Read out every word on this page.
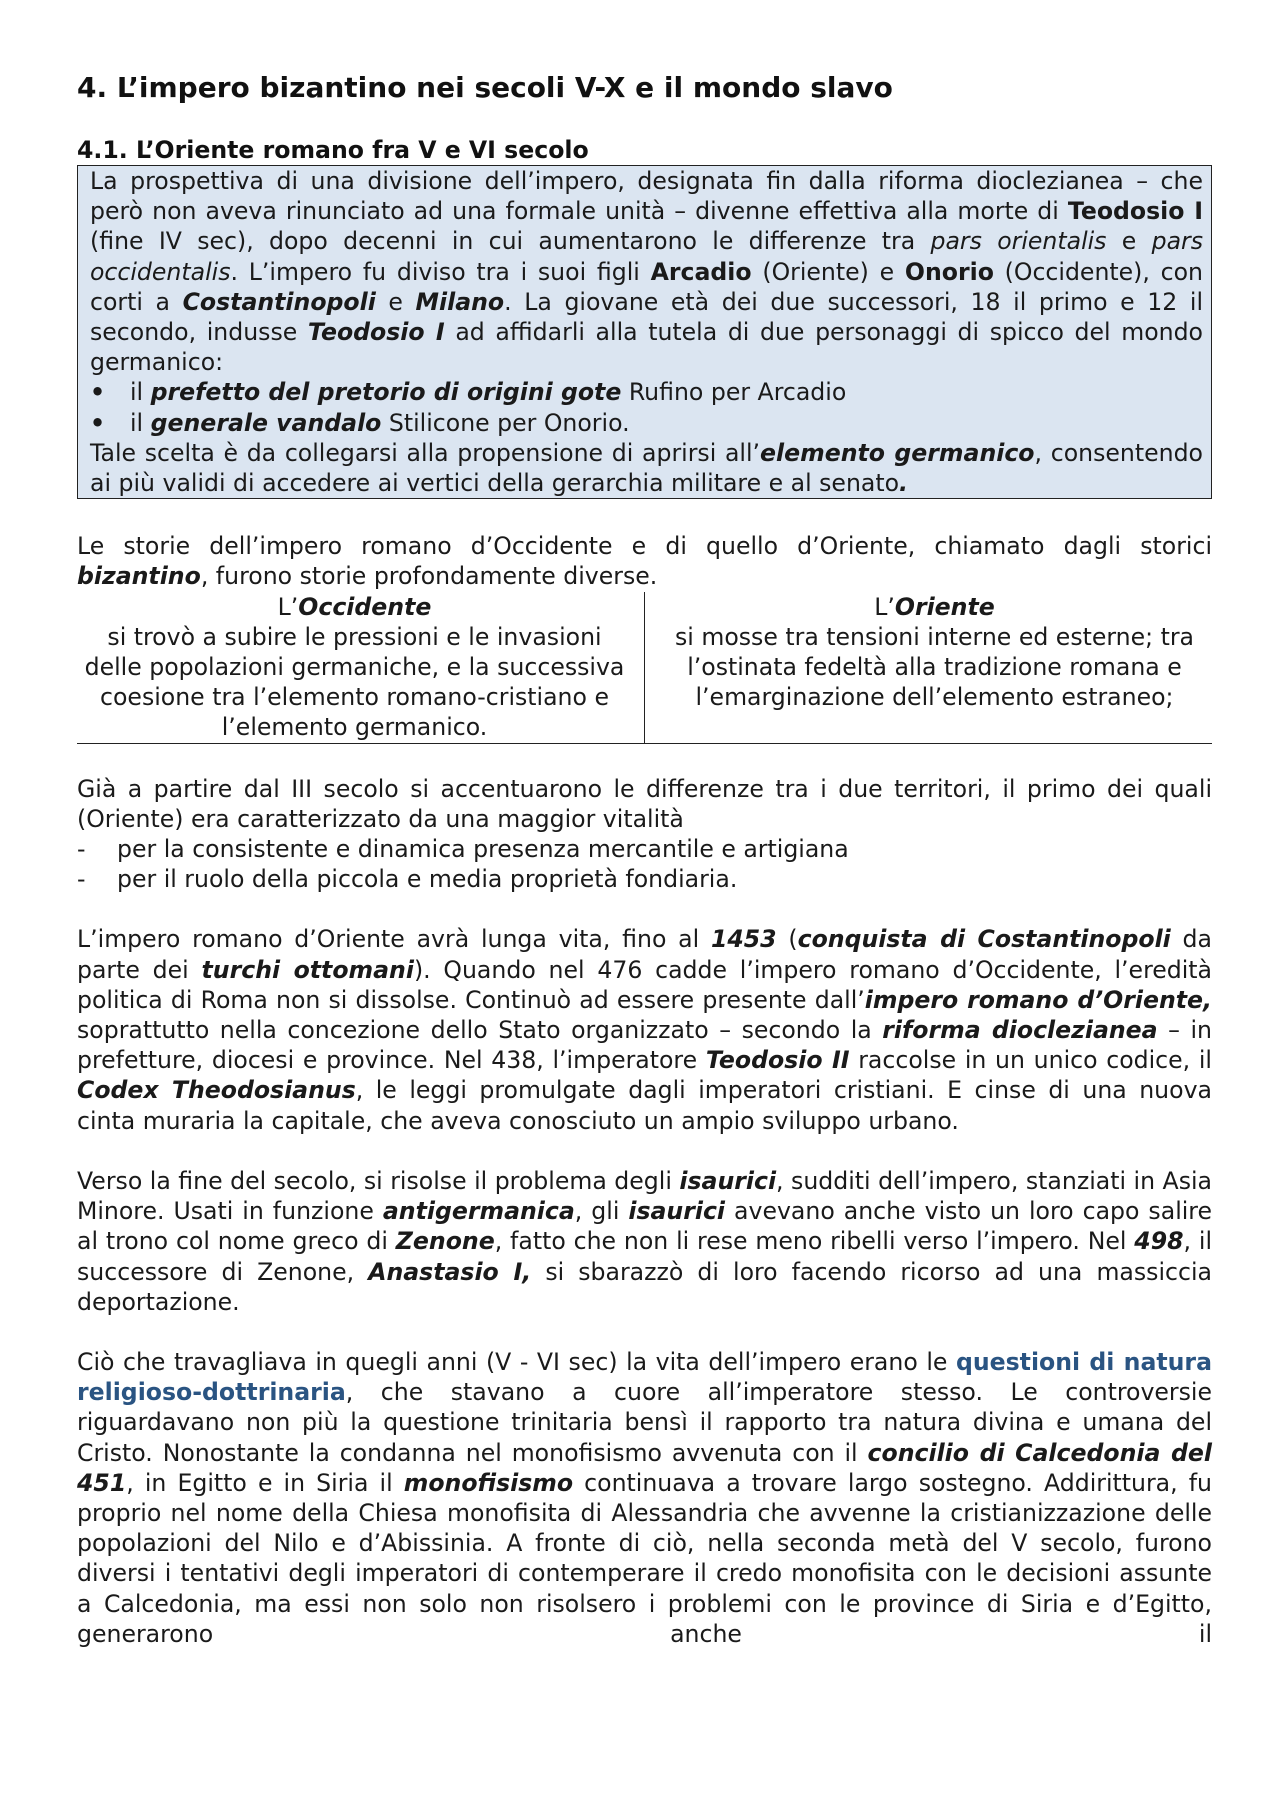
4. L’impero bizantino nei secoli V-X e il mondo slavo
4.1. L’Oriente romano fra V e VI secolo

La prospettiva di una divisione dell’impero, designata fin dalla riforma dioclezianea – che però non aveva rinunciato ad una formale unità – divenne effettiva alla morte di Teodosio I (fine IV sec), dopo decenni in cui aumentarono le differenze tra pars orientalis e pars occidentalis. L’impero fu diviso tra i suoi figli Arcadio (Oriente) e Onorio (Occidente), con corti a Costantinopoli e Milano. La giovane età dei due successori, 18 il primo e 12 il secondo, indusse Teodosio I ad affidarli alla tutela di due personaggi di spicco del mondo germanico:

•	il prefetto del pretorio di origini gote Rufino per Arcadio
•	il generale vandalo Stilicone per Onorio.

Tale scelta è da collegarsi alla propensione di aprirsi all’elemento germanico, consentendo ai più validi di accedere ai vertici della gerarchia militare e al senato.

Le storie dell’impero romano d’Occidente e di quello d’Oriente, chiamato dagli storici bizantino, furono storie profondamente diverse.

L’Occidente
si trovò a subire le pressioni e le invasioni delle popolazioni germaniche, e la successiva coesione tra l’elemento romano-cristiano e l’elemento germanico.
L’Oriente
si mosse tra tensioni interne ed esterne; tra l’ostinata fedeltà alla tradizione romana e l’emarginazione dell’elemento estraneo;

Già a partire dal III secolo si accentuarono le differenze tra i due territori, il primo dei quali (Oriente) era caratterizzato da una maggior vitalità

-	per la consistente e dinamica presenza mercantile e artigiana
-	per il ruolo della piccola e media proprietà fondiaria.

L’impero romano d’Oriente avrà lunga vita, fino al 1453 (conquista di Costantinopoli da parte dei turchi ottomani). Quando nel 476 cadde l’impero romano d’Occidente, l’eredità politica di Roma non si dissolse. Continuò ad essere presente dall’impero romano d’Oriente, soprattutto nella concezione dello Stato organizzato – secondo la riforma dioclezianea – in prefetture, diocesi e province. Nel 438, l’imperatore Teodosio II raccolse in un unico codice, il Codex Theodosianus, le leggi promulgate dagli imperatori cristiani. E cinse di una nuova cinta muraria la capitale, che aveva conosciuto un ampio sviluppo urbano.

Verso la fine del secolo, si risolse il problema degli isaurici, sudditi dell’impero, stanziati in Asia Minore. Usati in funzione antigermanica, gli isaurici avevano anche visto un loro capo salire al trono col nome greco di Zenone, fatto che non li rese meno ribelli verso l’impero. Nel 498, il successore di Zenone, Anastasio I, si sbarazzò di loro facendo ricorso ad una massiccia deportazione.

Ciò che travagliava in quegli anni (V - VI sec) la vita dell’impero erano le questioni di natura religioso-dottrinaria, che stavano a cuore all’imperatore stesso. Le controversie riguardavano non più la questione trinitaria bensì il rapporto tra natura divina e umana del Cristo. Nonostante la condanna nel monofisismo avvenuta con il concilio di Calcedonia del 451, in Egitto e in Siria il monofisismo continuava a trovare largo sostegno. Addirittura, fu proprio nel nome della Chiesa monofisita di Alessandria che avvenne la cristianizzazione delle popolazioni del Nilo e d’Abissinia. A fronte di ciò, nella seconda metà del V secolo, furono diversi i tentativi degli imperatori di contemperare il credo monofisita con le decisioni assunte a Calcedonia, ma essi non solo non risolsero i problemi con le province di Siria e d’Egitto, generarono anche il
